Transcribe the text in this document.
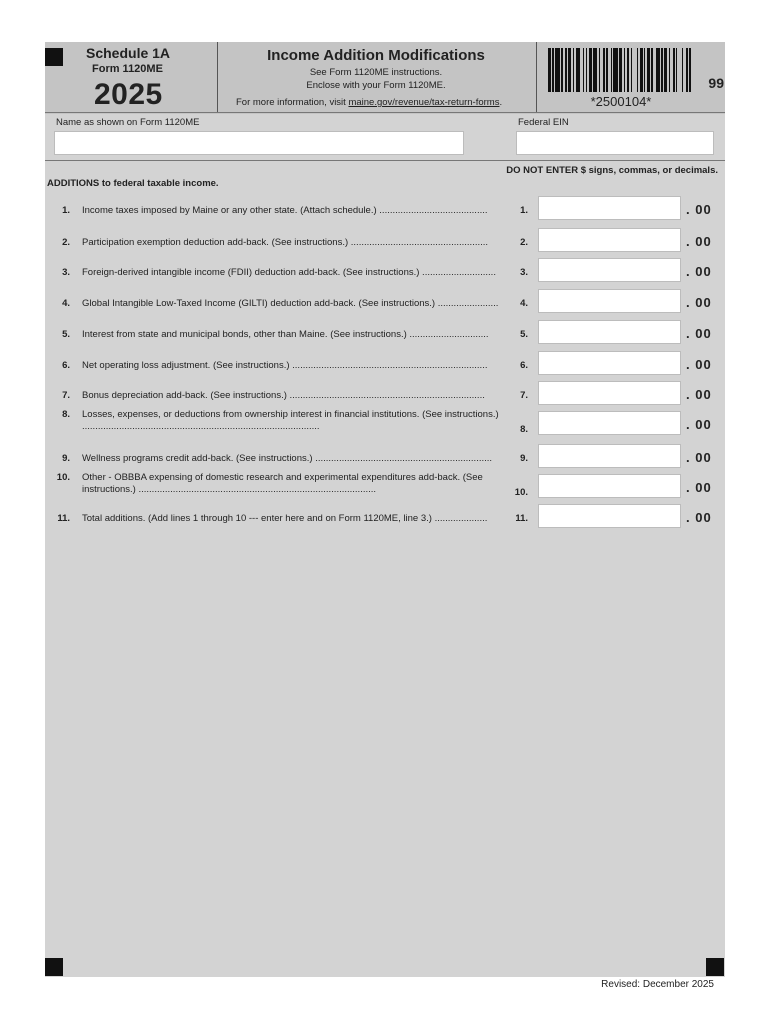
Schedule 1A
Form 1120ME
2025
Income Addition Modifications
See Form 1120ME instructions.
Enclose with your Form 1120ME.
For more information, visit maine.gov/revenue/tax-return-forms.	*2500104*
99
Name as shown on Form 1120ME	Federal EIN
DO NOT ENTER $ signs, commas, or decimals.
ADDITIONS to federal taxable income.
1. Income taxes imposed by Maine or any other state. (Attach schedule.) .........................................	1.	. 00
2. Participation exemption deduction add-back. (See instructions.) ....................................................	2.	. 00
3. Foreign-derived intangible income (FDII) deduction add-back. (See instructions.) ............................	3.	. 00
4. Global Intangible Low-Taxed Income (GILTI) deduction add-back. (See instructions.) .......................	4.	. 00
5. Interest from state and municipal bonds, other than Maine. (See instructions.) ..............................	5.	. 00
6. Net operating loss adjustment. (See instructions.) ..........................................................................	6.	. 00
7. Bonus depreciation add-back. (See instructions.) ..........................................................................	7.	. 00
8. Losses, expenses, or deductions from ownership interest in financial institutions. (See instructions.) ..........................................................................................	8.	. 00
9. Wellness programs credit add-back. (See instructions.) ...................................................................	9.	. 00
10. Other - OBBBA expensing of domestic research and experimental expenditures add-back. (See instructions.) ..........................................................................................	10.	. 00
11. Total additions. (Add lines 1 through 10 --- enter here and on Form 1120ME, line 3.) ....................	11.	. 00
Revised: December 2025
